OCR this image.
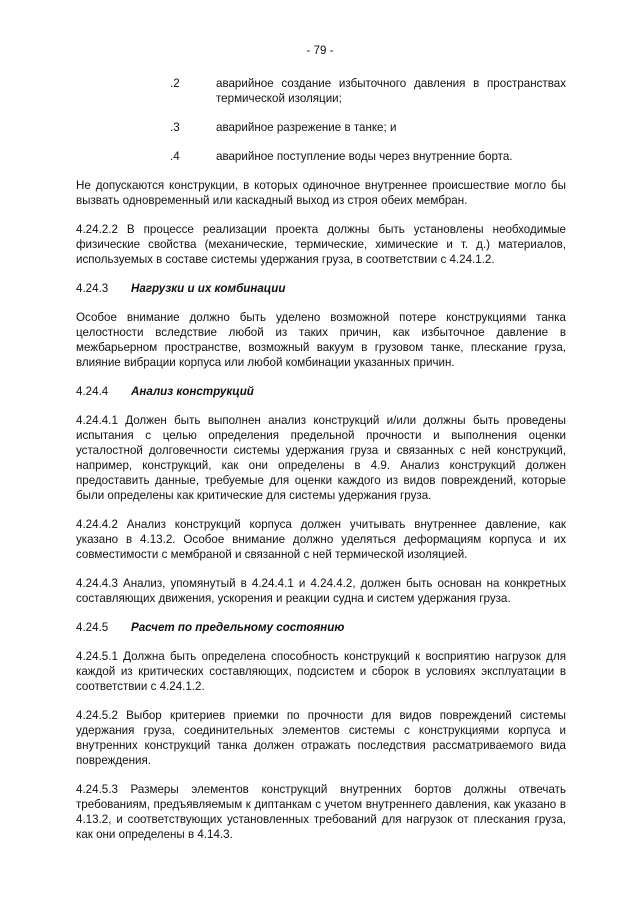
- 79 -
.2	аварийное создание избыточного давления в пространствах термической изоляции;
.3	аварийное разрежение в танке; и
.4	аварийное поступление воды через внутренние борта.
Не допускаются конструкции, в которых одиночное внутреннее происшествие могло бы вызвать одновременный или каскадный выход из строя обеих мембран.
4.24.2.2 В процессе реализации проекта должны быть установлены необходимые физические свойства (механические, термические, химические и т. д.) материалов, используемых в составе системы удержания груза, в соответствии с 4.24.1.2.
4.24.3 Нагрузки и их комбинации
Особое внимание должно быть уделено возможной потере конструкциями танка целостности вследствие любой из таких причин, как избыточное давление в межбарьерном пространстве, возможный вакуум в грузовом танке, плескание груза, влияние вибрации корпуса или любой комбинации указанных причин.
4.24.4 Анализ конструкций
4.24.4.1 Должен быть выполнен анализ конструкций и/или должны быть проведены испытания с целью определения предельной прочности и выполнения оценки усталостной долговечности системы удержания груза и связанных с ней конструкций, например, конструкций, как они определены в 4.9. Анализ конструкций должен предоставить данные, требуемые для оценки каждого из видов повреждений, которые были определены как критические для системы удержания груза.
4.24.4.2 Анализ конструкций корпуса должен учитывать внутреннее давление, как указано в 4.13.2. Особое внимание должно уделяться деформациям корпуса и их совместимости с мембраной и связанной с ней термической изоляцией.
4.24.4.3 Анализ, упомянутый в 4.24.4.1 и 4.24.4.2, должен быть основан на конкретных составляющих движения, ускорения и реакции судна и систем удержания груза.
4.24.5 Расчет по предельному состоянию
4.24.5.1 Должна быть определена способность конструкций к восприятию нагрузок для каждой из критических составляющих, подсистем и сборок в условиях эксплуатации в соответствии с 4.24.1.2.
4.24.5.2 Выбор критериев приемки по прочности для видов повреждений системы удержания груза, соединительных элементов системы с конструкциями корпуса и внутренних конструкций танка должен отражать последствия рассматриваемого вида повреждения.
4.24.5.3 Размеры элементов конструкций внутренних бортов должны отвечать требованиям, предъявляемым к диптанкам с учетом внутреннего давления, как указано в 4.13.2, и соответствующих установленных требований для нагрузок от плескания груза, как они определены в 4.14.3.
